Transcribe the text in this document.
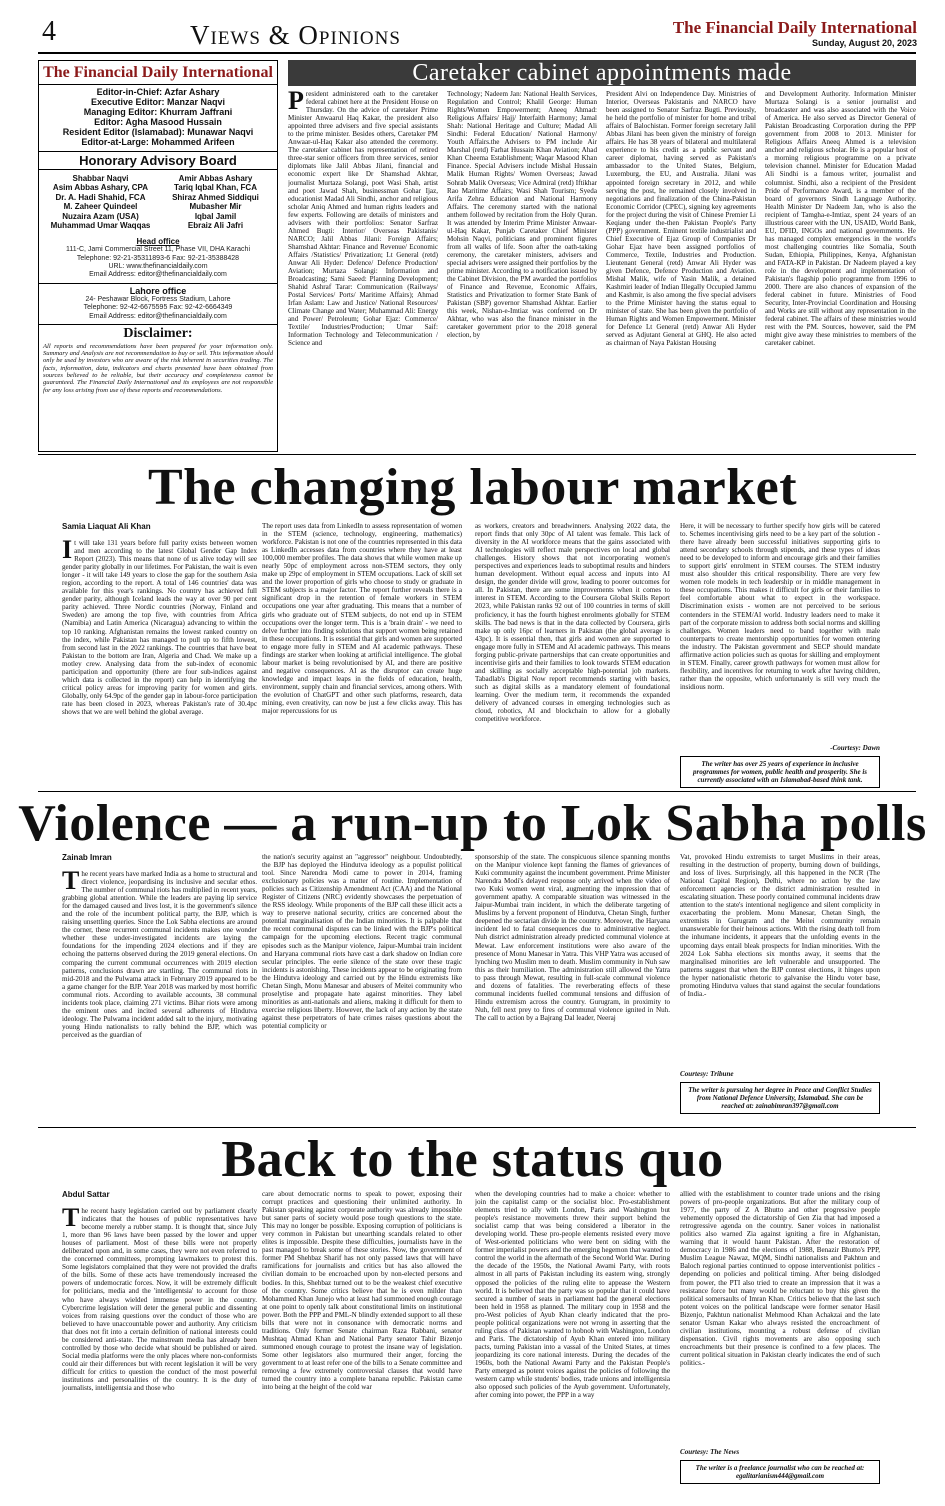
4	Views & Opinions	The Financial Daily International
Sunday, August 20, 2023
The Financial Daily International
Editor-in-Chief: Azfar Ashary
Executive Editor: Manzar Naqvi
Managing Editor: Khurram Jaffrani
Editor: Agha Masood Hussain
Resident Editor (Islamabad): Munawar Naqvi
Editor-at-Large: Mohammed Arifeen
Honorary Advisory Board
Shabbar Naqvi
Asim Abbas Ashary, CPA
Dr. A. Hadi Shahid, FCA
M. Zaheer Quindeel
Nuzaira Azam (USA)
Muhammad Umar Waqqas
Amir Abbas Ashary
Tariq Iqbal Khan, FCA
Shiraz Ahmed Siddiqui
Mubasher Mir
Iqbal Jamil
Ebraiz Ali Jafri
Head office
111-C, Jami Commercial Street 11, Phase VII, DHA Karachi
Telephone: 92-21-35311893-6 Fax: 92-21-35388428
URL: www.thefinancialdaily.com
Email Address: editor@thefinancialdaily.com
Lahore office
24- Peshawar Block, Fortress Stadium, Lahore
Telephone: 92-42-6675595 Fax: 92-42-6664349
Email Address: editor@thefinancialdaily.com
Disclaimer:
All reports and recommendations have been prepared for your information only. Summary and Analysis are not recommendation to buy or sell. This information should only be used by investors who are aware of the risk inherent in securities trading. The facts, information, data, indicators and charts presented have been obtained from sources believed to be reliable, but their accuracy and completeness cannot be guaranteed. The Financial Daily International and its employees are not responsible for any loss arising from use of these reports and recommendations.
Caretaker cabinet appointments made
President administered oath to the caretaker federal cabinet here at the President House on Thursday. On the advice of caretaker Prime Minister Anwaarul Haq Kakar, the president also appointed three advisers and five special assistants to the prime minister. Besides others, Caretaker PM Anwaar-ul-Haq Kakar also attended the ceremony. The caretaker cabinet has representation of retired three-star senior officers from three services, senior diplomats like Jalil Abbas Jilani, financial and economic expert like Dr Shamshad Akhtar, journalist Murtaza Solangi, poet Wasi Shah, artist and poet Jawad Shah, businessman Gohar Ijaz, educationist Madad Ali Sindhi, anchor and religious scholar Aniq Ahmed and human rights leaders and few experts. Following are details of ministers and advisers with their portfolios: Senator Sarfraz Ahmed Bugti: Interior/ Overseas Pakistanis/ NARCO; Jalil Abbas Jilani: Foreign Affairs; Shamshad Akhtar: Finance and Revenue/ Economic Affairs /Statistics/ Privatization; Lt General (retd) Anwar Ali Hyder: Defence/ Defence Production/ Aviation; Murtaza Solangi: Information and Broadcasting; Sami Saeed: Planning Development; Shahid Ashraf Tarar: Communication (Railways/ Postal Services/ Ports/ Maritime Affairs); Ahmad Irfan Aslam: Law and Justice/ National Resources/ Climate Change and Water; Muhammad Ali: Energy and Power/ Petroleum; Gohar Ejaz: Commerce/ Textile/ Industries/Production; Umar Saif: Information Technology and Telecommunication / Science and
Technology; Nadeem Jan: National Health Services, Regulation and Control; Khalil George: Human Rights/Women Empowerment; Aneeq Ahmad: Religious Affairs/ Hajj/ Interfaith Harmony; Jamal Shah: National Heritage and Culture; Madad Ali Sindhi: Federal Education/ National Harmony/ Youth Affairs.the Advisers to PM include Air Marshal (retd) Farhat Hussain Khan Aviation; Ahad Khan Cheema Establishment; Waqar Masood Khan Finance. Special Advisers include Mishal Hussain Malik Human Rights/ Women Overseas; Jawad Sohrab Malik Overseas; Vice Admiral (retd) Iftikhar Rao Maritime Affairs; Wasi Shah Tourism; Syeda Arifa Zehra Education and National Harmony Affairs. The ceremony started with the national anthem followed by recitation from the Holy Quran. It was attended by Interim Prime Minister Anwaar-ul-Haq Kakar, Punjab Caretaker Chief Minister Mohsin Naqvi, politicians and prominent figures from all walks of life. Soon after the oath-taking ceremony, the caretaker ministers, advisers and special advisers were assigned their portfolios by the prime minister. According to a notification issued by the Cabinet Division, the PM awarded the portfolios of Finance and Revenue, Economic Affairs, Statistics and Privatization to former State Bank of Pakistan (SBP) governor Shamshad Akhtar. Earlier this week, Nishan-e-Imtiaz was conferred on Dr Akhtar, who was also the finance minister in the caretaker government prior to the 2018 general election, by
President Alvi on Independence Day. Ministries of Interior, Overseas Pakistanis and NARCO have been assigned to Senator Sarfraz Bugti. Previously, he held the portfolio of minister for home and tribal affairs of Balochistan. Former foreign secretary Jalil Abbas Jilani has been given the ministry of foreign affairs. He has 38 years of bilateral and multilateral experience to his credit as a public servant and career diplomat, having served as Pakistan's ambassador to the United States, Belgium, Luxemburg, the EU, and Australia. Jilani was appointed foreign secretary in 2012, and while serving the post, he remained closely involved in negotiations and finalization of the China-Pakistan Economic Corridor (CPEC), signing key agreements for the project during the visit of Chinese Premier Li Keqiang under the-then Pakistan People's Party (PPP) government. Eminent textile industrialist and Chief Executive of Ejaz Group of Companies Dr Gohar Ejaz have been assigned portfolios of Commerce, Textile, Industries and Production. Lieutenant General (retd) Anwar Ali Hyder was given Defence, Defence Production and Aviation. Mishal Malik, wife of Yasin Malik, a detained Kashmiri leader of Indian Illegally Occupied Jammu and Kashmir, is also among the five special advisers to the Prime Minister having the status equal to minister of state. She has been given the portfolio of Human Rights and Women Empowerment. Minister for Defence Lt General (retd) Anwar Ali Hyder served as Adjutant General at GHQ. He also acted as chairman of Naya Pakistan Housing
and Development Authority. Information Minister Murtaza Solangi is a senior journalist and broadcaster and was also associated with the Voice of America. He also served as Director General of Pakistan Broadcasting Corporation during the PPP government from 2008 to 2013. Minister for Religious Affairs Aneeq Ahmed is a television anchor and religious scholar. He is a popular host of a morning religious programme on a private television channel. Minister for Education Madad Ali Sindhi is a famous writer, journalist and columnist. Sindhi, also a recipient of the President Pride of Performance Award, is a member of the board of governors Sindh Language Authority. Health Minister Dr Nadeem Jan, who is also the recipient of Tamgha-e-Imtiaz, spent 24 years of an illustrious career with the UN, USAID, World Bank, EU, DFID, INGOs and national governments. He has managed complex emergencies in the world's most challenging countries like Somalia, South Sudan, Ethiopia, Philippines, Kenya, Afghanistan and FATA-KP in Pakistan. Dr Nadeem played a key role in the development and implementation of Pakistan's flagship polio programme from 1996 to 2000. There are also chances of expansion of the federal cabinet in future. Ministries of Food Security, Inter-Provincial Coordination and Housing and Works are still without any representation in the federal cabinet. The affairs of these ministries would rest with the PM. Sources, however, said the PM might give away these ministries to members of the caretaker cabinet.
The changing labour market
Samia Liaquat Ali Khan
It will take 131 years before full parity exists between women and men according to the latest Global Gender Gap Index Report (2023). This means that none of us alive today will see gender parity globally in our lifetimes. For Pakistan, the wait is even longer - it will take 149 years to close the gap for the southern Asia region, according to the report. A total of 146 countries' data was available for this year's rankings. No country has achieved full gender parity, although Iceland leads the way at over 90 per cent parity achieved. Three Nordic countries (Norway, Finland and Sweden) are among the top five, with countries from Africa (Namibia) and Latin America (Nicaragua) advancing to within the top 10 ranking. Afghanistan remains the lowest ranked country on the index, while Pakistan has managed to pull up to fifth lowest, from second last in the 2022 rankings. The countries that have beat Pakistan to the bottom are Iran, Algeria and Chad. We make up a motley crew. Analysing data from the sub-index of economic participation and opportunity (there are four sub-indices against which data is collected in the report) can help in identifying the critical policy areas for improving parity for women and girls. Globally, only 64.9pc of the gender gap in labour-force participation rate has been closed in 2023, whereas Pakistan's rate of 30.4pc shows that we are well behind the global average.
The report uses data from LinkedIn to assess representation of women in the STEM (science, technology, engineering, mathematics) workforce. Pakistan is not one of the countries represented in this data as LinkedIn accesses data from countries where they have at least 100,000 member profiles. The data shows that while women make up nearly 50pc of employment across non-STEM sectors, they only make up 29pc of employment in STEM occupations. Lack of skill set and the lower proportion of girls who choose to study or graduate in STEM subjects is a major factor. The report further reveals there is a significant drop in the retention of female workers in STEM occupations one year after graduating. This means that a number of girls who graduate out of STEM subjects, do not end up in STEM occupations over the longer term. This is a 'brain drain' - we need to delve further into finding solutions that support women being retained in these occupations. It is essential that girls and women are supported to engage more fully in STEM and AI academic pathways. These findings are starker when looking at artificial intelligence. The global labour market is being revolutionised by AI, and there are positive and negative consequences. AI as the disruptor can create huge knowledge and impact leaps in the fields of education, health, environment, supply chain and financial services, among others. With the evolution of ChatGPT and other such platforms, research, data mining, even creativity, can now be just a few clicks away. This has major repercussions for us
as workers, creators and breadwinners. Analysing 2022 data, the report finds that only 30pc of AI talent was female. This lack of diversity in the AI workforce means that the gains associated with AI technologies will reflect male perspectives on local and global challenges. History shows that not incorporating women's perspectives and experiences leads to suboptimal results and hinders human development. Without equal access and inputs into AI design, the gender divide will grow, leading to poorer outcomes for all. In Pakistan, there are some improvements when it comes to interest in STEM. According to the Coursera Global Skills Report 2023, while Pakistan ranks 92 out of 100 countries in terms of skill proficiency, it has the fourth highest enrolments globally for STEM skills. The bad news is that in the data collected by Coursera, girls make up only 16pc of learners in Pakistan (the global average is 43pc). It is essential then, that girls and women are supported to engage more fully in STEM and AI academic pathways. This means forging public-private partnerships that can create opportunities and incentivise girls and their families to look towards STEM education and skilling as socially acceptable high-potential job markets. Tabadlab's Digital Now report recommends starting with basics, such as digital skills as a mandatory element of foundational learning. Over the medium term, it recommends the expanded delivery of advanced courses in emerging technologies such as cloud, robotics, AI and blockchain to allow for a globally competitive workforce.
Here, it will be necessary to further specify how girls will be catered to. Schemes incentivising girls need to be a key part of the solution - there have already been successful initiatives supporting girls to attend secondary schools through stipends, and these types of ideas need to be developed to inform and encourage girls and their families to support girls' enrolment in STEM courses. The STEM industry must also shoulder this critical responsibility. There are very few women role models in tech leadership or in middle management in these occupations. This makes it difficult for girls or their families to feel comfortable about what to expect in the workspace. Discrimination exists - women are not perceived to be serious contenders in the STEM/AI world. Industry leaders need to make it part of the corporate mission to address both social norms and skilling challenges. Women leaders need to band together with male counterparts to create mentorship opportunities for women entering the industry. The Pakistan government and SECP should mandate affirmative action policies such as quotas for skilling and employment in STEM. Finally, career growth pathways for women must allow for flexibility, and incentives for returning to work after having children, rather than the opposite, which unfortunately is still very much the insidious norm.
-Courtesy: Dawn
The writer has over 25 years of experience in inclusive programmes for women, public health and prosperity. She is currently associated with an Islamabad-based think tank.
Violence — a run-up to Lok Sabha polls
Zainab Imran
The recent years have marked India as a home to structural and direct violence, jeopardising its inclusive and secular ethos. The number of communal riots has multiplied in recent years, grabbing global attention. While the leaders are paying lip service for the damaged caused and lives lost, it is the government's silence and the role of the incumbent political party, the BJP, which is raising unsettling queries. Since the Lok Sabha elections are around the corner, these recurrent communal incidents makes one wonder whether these under-investigated incidents are laying the foundations for the impending 2024 elections and if they are echoing the patterns observed during the 2019 general elections. On comparing the current communal occurrences with 2019 election patterns, conclusions drawn are startling. The communal riots in mid-2018 and the Pulwama attack in February 2019 appeared to be a game changer for the BJP. Year 2018 was marked by most horrific communal riots. According to available accounts, 38 communal incidents took place, claiming 271 victims. Bihar riots were among the eminent ones and incited several adherents of Hindutva ideology. The Pulwama incident added salt to the injury, motivating young Hindu nationalists to rally behind the BJP, which was perceived as the guardian of
the nation's security against an "aggressor" neighbour. Undoubtedly, the BJP has deployed the Hindutva ideology as a populist political tool. Since Narendra Modi came to power in 2014, framing exclusionary policies was a matter of routine. Implementation of policies such as Citizenship Amendment Act (CAA) and the National Register of Citizens (NRC) evidently showcases the perpetuation of the RSS ideology. While proponents of the BJP call these illicit acts a way to preserve national security, critics are concerned about the potential marginalisation of the Indian minorities. It is palpable that the recent communal disputes can be linked with the BJP's political campaign for the upcoming elections. Recent tragic communal episodes such as the Manipur violence, Jaipur-Mumbai train incident and Haryana communal riots have cast a dark shadow on Indian core secular principles. The eerie silence of the state over these tragic incidents is astonishing. These incidents appear to be originating from the Hindutva ideology and carried out by the Hindu extremists like Chetan Singh, Monu Manesar and abusers of Meitei community who proselytise and propagate hate against minorities. They label minorities as anti-nationals and aliens, making it difficult for them to exercise religious liberty. However, the lack of any action by the state against these perpetrators of hate crimes raises questions about the potential complicity or
sponsorship of the state. The conspicuous silence spanning months on the Manipur violence kept fanning the flames of grievances of Kuki community against the incumbent government. Prime Minister Narendra Modi's delayed response only arrived when the video of two Kuki women went viral, augmenting the impression that of government apathy. A comparable situation was witnessed in the Jaipur-Mumbai train incident, in which the deliberate targeting of Muslims by a fervent proponent of Hindutva, Chetan Singh, further deepened the sectarian divide in the country. Moreover, the Haryana incident led to fatal consequences due to administrative neglect. Nuh district administration already predicted communal violence at Mewat. Law enforcement institutions were also aware of the presence of Monu Manesar in Yatra. This VHP Yatra was accused of lynching two Muslim men to death. Muslim community in Nuh saw this as their humiliation. The administration still allowed the Yatra to pass through Mewat, resulting in full-scale communal violence and dozens of fatalities. The reverberating effects of these communal incidents fuelled communal tensions and diffusion of Hindu extremism across the country. Gurugram, in proximity to Nuh, fell next prey to fires of communal violence ignited in Nuh. The call to action by a Bajrang Dal leader, Neeraj
Vat, provoked Hindu extremists to target Muslims in their areas, resulting in the destruction of property, burning down of buildings, and loss of lives. Surprisingly, all this happened in the NCR (The National Capital Region), Delhi, where no action by the law enforcement agencies or the district administration resulted in escalating situation. These poorly contained communal incidents draw attention to the state's intentional negligence and silent complicity in exacerbating the problem. Monu Manesar, Chetan Singh, the extremists in Gurugram and the Meitei community remain unanswerable for their heinous actions. With the rising death toll from the inhumane incidents, it appears that the unfolding events in the upcoming days entail bleak prospects for Indian minorities. With the 2024 Lok Sabha elections six months away, it seems that the marginalised minorities are left vulnerable and unsupported. The patterns suggest that when the BJP contest elections, it hinges upon the hyper nationalistic rhetoric to galvanise the Hindu voter base, promoting Hindutva values that stand against the secular foundations of India.-
Courtesy: Tribune
The writer is pursuing her degree in Peace and Conflict Studies from National Defence University, Islamabad. She can be reached at: zainabimran397@gmail.com
Back to the status quo
Abdul Sattar
The recent hasty legislation carried out by parliament clearly indicates that the houses of public representatives have become merely a rubber stamp. It is thought that, since July 1, more than 96 laws have been passed by the lower and upper houses of parliament. Most of these bills were not properly deliberated upon and, in some cases, they were not even referred to the concerned committees, prompting lawmakers to protest this. Some legislators complained that they were not provided the drafts of the bills. Some of these acts have tremendously increased the powers of undemocratic forces. Now, it will be extremely difficult for politicians, media and the 'intelligentsia' to account for those who have always wielded immense power in the country. Cybercrime legislation will deter the general public and dissenting voices from raising questions over the conduct of those who are believed to have unaccountable power and authority. Any criticism that does not fit into a certain definition of national interests could be considered anti-state. The mainstream media has already been controlled by those who decide what should be published or aired. Social media platforms were the only places where non-conformists could air their differences but with recent legislation it will be very difficult for critics to question the conduct of the most powerful institutions and personalities of the country. It is the duty of journalists, intelligentsia and those who
care about democratic norms to speak to power, exposing their corrupt practices and questioning their unlimited authority. In Pakistan speaking against corporate authority was already impossible but saner parts of society would pose tough questions to the state. This may no longer be possible. Exposing corruption of politicians is very common in Pakistan but unearthing scandals related to other elites is impossible. Despite these difficulties, journalists have in the past managed to break some of these stories. Now, the government of former PM Shehbaz Sharif has not only passed laws that will have ramifications for journalists and critics but has also allowed the civilian domain to be encroached upon by non-elected persons and bodies. In this, Shehbaz turned out to be the weakest chief executive of the country. Some critics believe that he is even milder than Mohammed Khan Junejo who at least had summoned enough courage at one point to openly talk about constitutional limits on institutional power. Both the PPP and PML-N blindly extended support to all these bills that were not in consonance with democratic norms and traditions. Only former Senate chairman Raza Rabbani, senator Mushtaq Ahmad Khan and National Party senator Tahir Bizenjo summoned enough courage to protest the insane way of legislation. Some other legislators also murmured their anger, forcing the government to at least refer one of the bills to a Senate committee and removing a few extremely controversial clauses that would have turned the country into a complete banana republic. Pakistan came into being at the height of the cold war
when the developing countries had to make a choice: whether to join the capitalist camp or the socialist bloc. Pro-establishment elements tried to ally with London, Paris and Washington but people's resistance movements threw their support behind the socialist camp that was being considered a liberator in the developing world. These pro-people elements resisted every move of West-oriented politicians who were bent on siding with the former imperialist powers and the emerging hegemon that wanted to control the world in the aftermath of the Second World War. During the decade of the 1950s, the National Awami Party, with roots almost in all parts of Pakistan including its eastern wing, strongly opposed the policies of the ruling elite to appease the Western world. It is believed that the party was so popular that it could have secured a number of seats in parliament had the general elections been held in 1958 as planned. The military coup in 1958 and the pro-West policies of Ayub Khan clearly indicated that the pro-people political organizations were not wrong in asserting that the ruling class of Pakistan wanted to hobnob with Washington, London and Paris. The dictatorship of Ayub Khan entered into military pacts, turning Pakistan into a vassal of the United States, at times jeopardizing its core national interests. During the decades of the 1960s, both the National Awami Party and the Pakistan People's Party emerged as potent voices against the policies of following the western camp while students' bodies, trade unions and intelligentsia also opposed such policies of the Ayub government. Unfortunately, after coming into power, the PPP in a way
allied with the establishment to counter trade unions and the rising powers of pro-people organizations. But after the military coup of 1977, the party of Z A Bhutto and other progressive people vehemently opposed the dictatorship of Gen Zia that had imposed a retrogressive agenda on the country. Saner voices in nationalist politics also warned Zia against igniting a fire in Afghanistan, warning that it would haunt Pakistan. After the restoration of democracy in 1986 and the elections of 1988, Benazir Bhutto's PPP, Muslim League Nawaz, MQM, Sindhi nationalists and Pakhtun and Baloch regional parties continued to oppose interventionist politics - depending on policies and political timing. After being dislodged from power, the PTI also tried to create an impression that it was a resistance force but many would be reluctant to buy this given the political somersaults of Imran Khan. Critics believe that the last such potent voices on the political landscape were former senator Hasil Bizenjo, Pakhtun nationalist Mehmood Khan Achakzai and the late senator Usman Kakar who always resisted the encroachment of civilian institutions, mounting a robust defense of civilian dispensation. Civil rights movements are also opposing such encroachments but their presence is confined to a few places. The current political situation in Pakistan clearly indicates the end of such politics.-
Courtesy: The News
The writer is a freelance journalist who can be reached at: egalitarianism444@gmail.com
